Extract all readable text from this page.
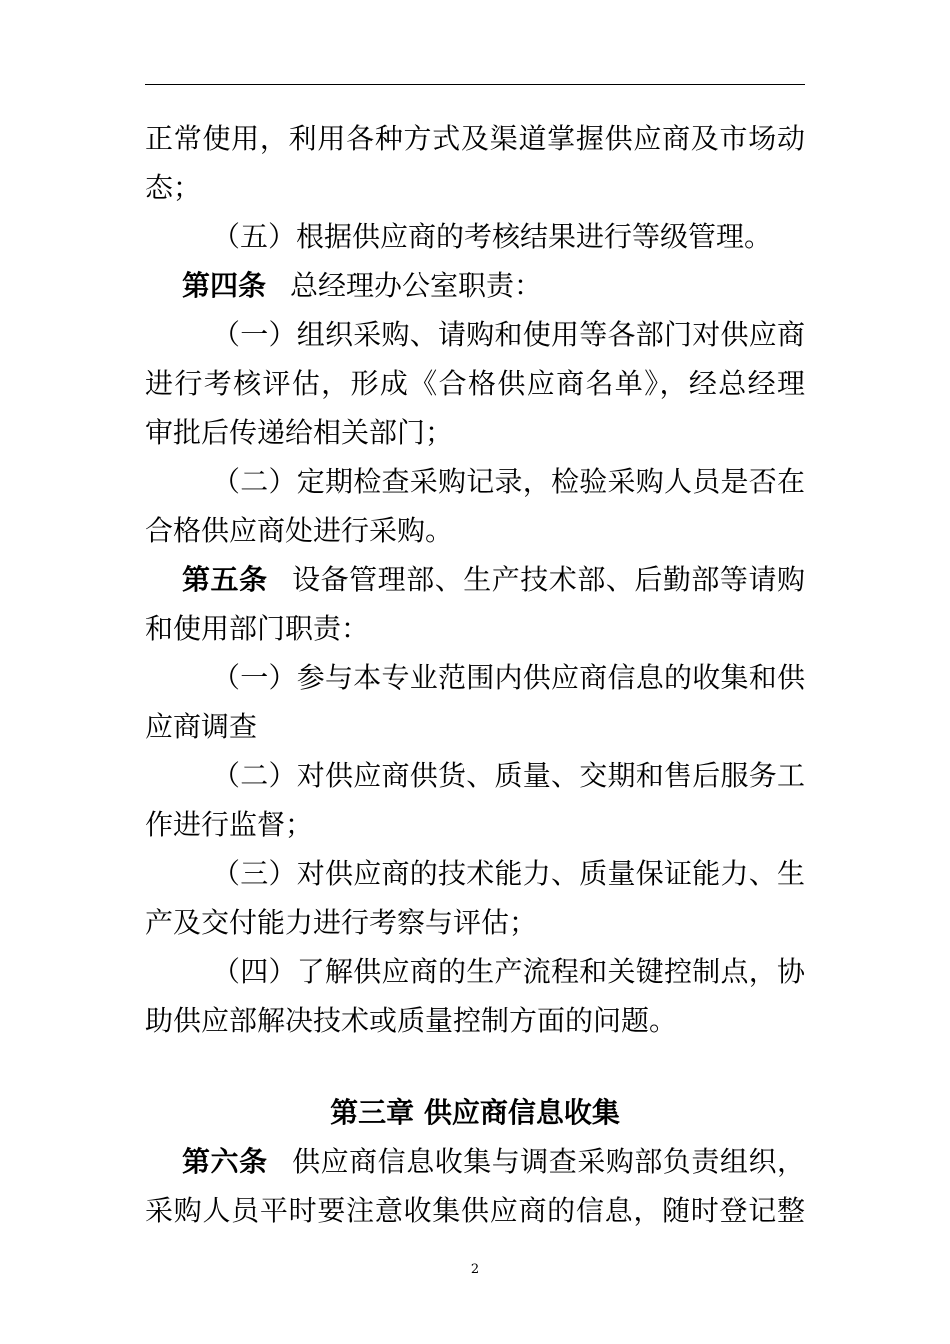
正常使用，利用各种方式及渠道掌握供应商及市场动
态；
（五）根据供应商的考核结果进行等级管理。
第四条 总经理办公室职责：
（一）组织采购、请购和使用等各部门对供应商
进行考核评估，形成《合格供应商名单》，经总经理
审批后传递给相关部门；
（二）定期检查采购记录，检验采购人员是否在
合格供应商处进行采购。
第五条 设备管理部、生产技术部、后勤部等请购
和使用部门职责：
（一）参与本专业范围内供应商信息的收集和供
应商调查
（二）对供应商供货、质量、交期和售后服务工
作进行监督；
（三）对供应商的技术能力、质量保证能力、生
产及交付能力进行考察与评估；
（四）了解供应商的生产流程和关键控制点，协
助供应部解决技术或质量控制方面的问题。
第三章 供应商信息收集
第六条 供应商信息收集与调查采购部负责组织，
采购人员平时要注意收集供应商的信息，随时登记整
2
